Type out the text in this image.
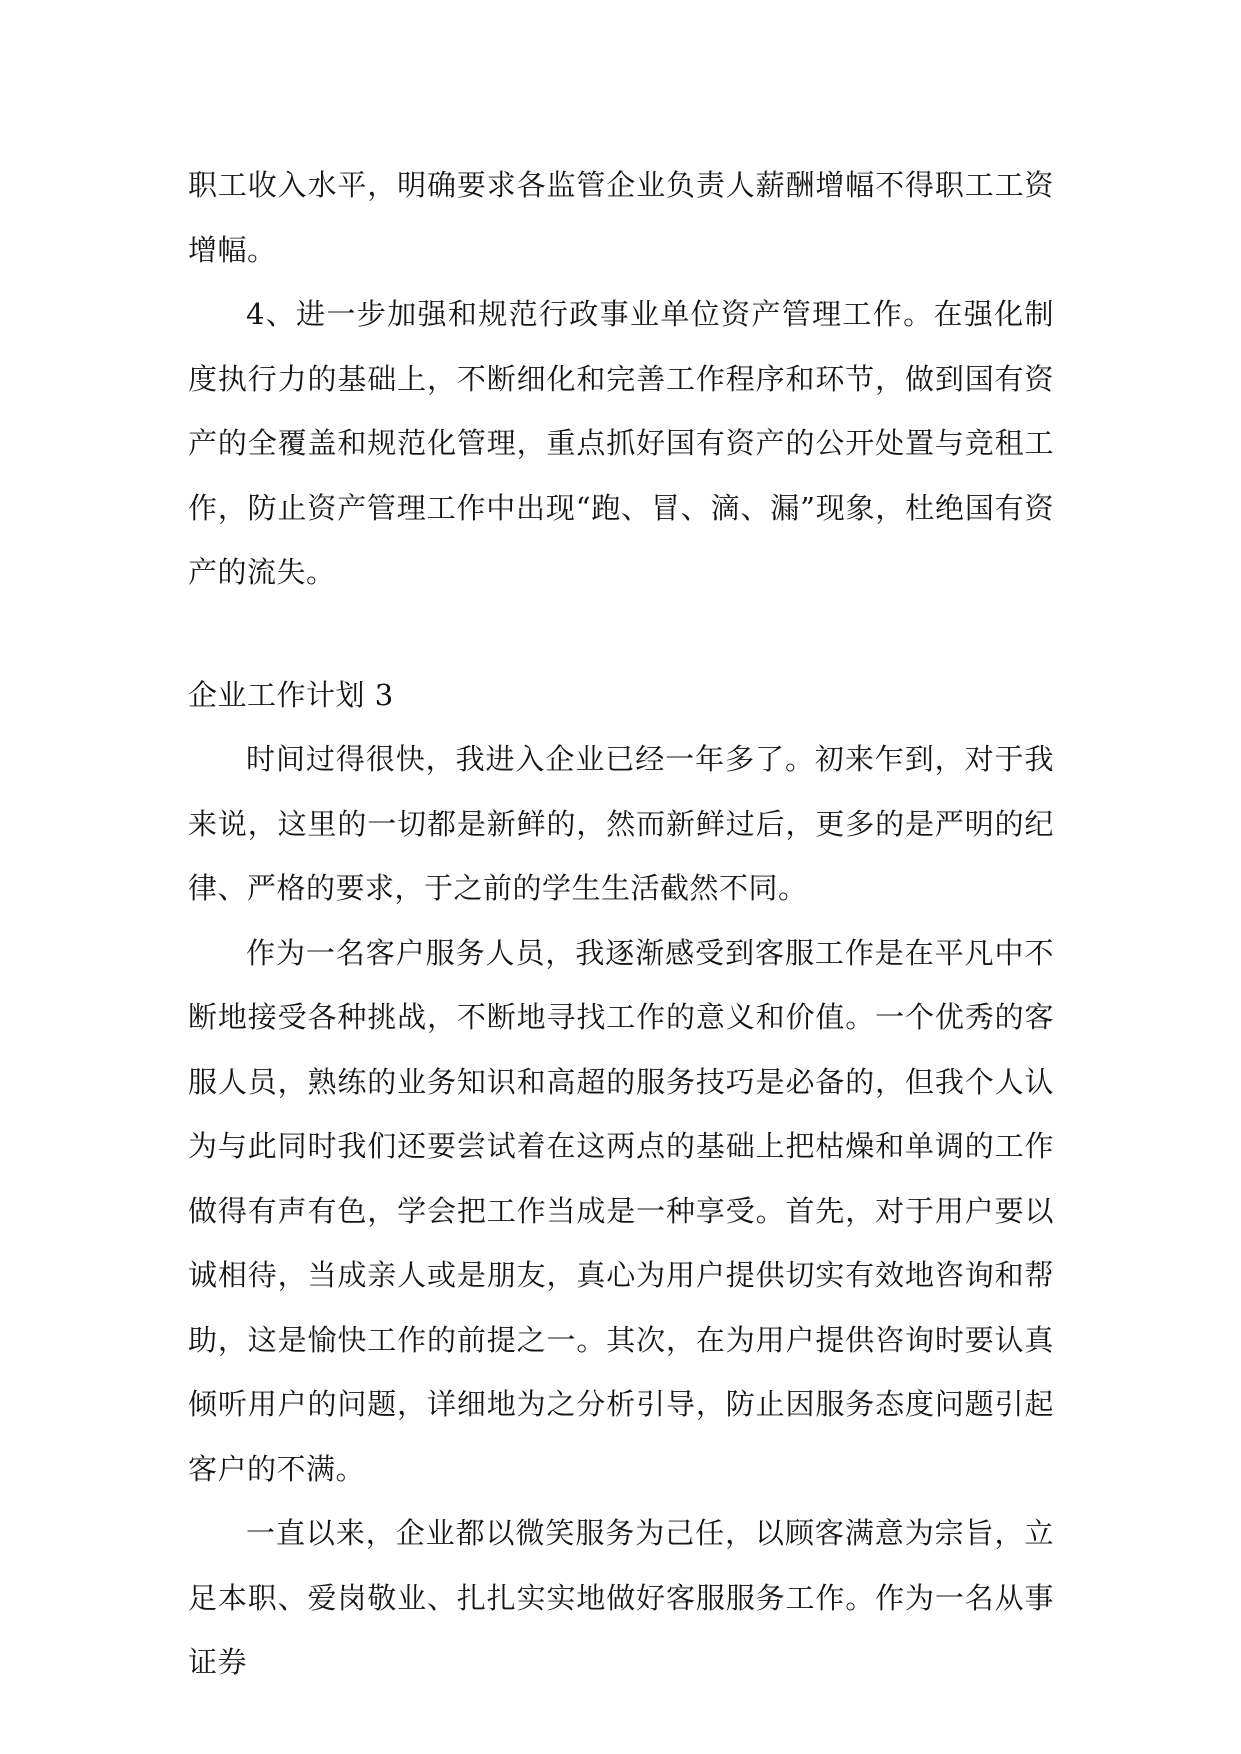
职工收入水平，明确要求各监管企业负责人薪酬增幅不得职工工资增幅。

4、进一步加强和规范行政事业单位资产管理工作。在强化制度执行力的基础上，不断细化和完善工作程序和环节，做到国有资产的全覆盖和规范化管理，重点抓好国有资产的公开处置与竞租工作，防止资产管理工作中出现“跑、冒、滴、漏”现象，杜绝国有资产的流失。

企业工作计划 3

时间过得很快，我进入企业已经一年多了。初来乍到，对于我来说，这里的一切都是新鲜的，然而新鲜过后，更多的是严明的纪律、严格的要求，于之前的学生生活截然不同。

作为一名客户服务人员，我逐渐感受到客服工作是在平凡中不断地接受各种挑战，不断地寻找工作的意义和价值。一个优秀的客服人员，熟练的业务知识和高超的服务技巧是必备的，但我个人认为与此同时我们还要尝试着在这两点的基础上把枯燥和单调的工作做得有声有色，学会把工作当成是一种享受。首先，对于用户要以诚相待，当成亲人或是朋友，真心为用户提供切实有效地咨询和帮助，这是愉快工作的前提之一。其次，在为用户提供咨询时要认真倾听用户的问题，详细地为之分析引导，防止因服务态度问题引起客户的不满。

一直以来，企业都以微笑服务为己任，以顾客满意为宗旨，立足本职、爱岗敬业、扎扎实实地做好客服服务工作。作为一名从事证券
